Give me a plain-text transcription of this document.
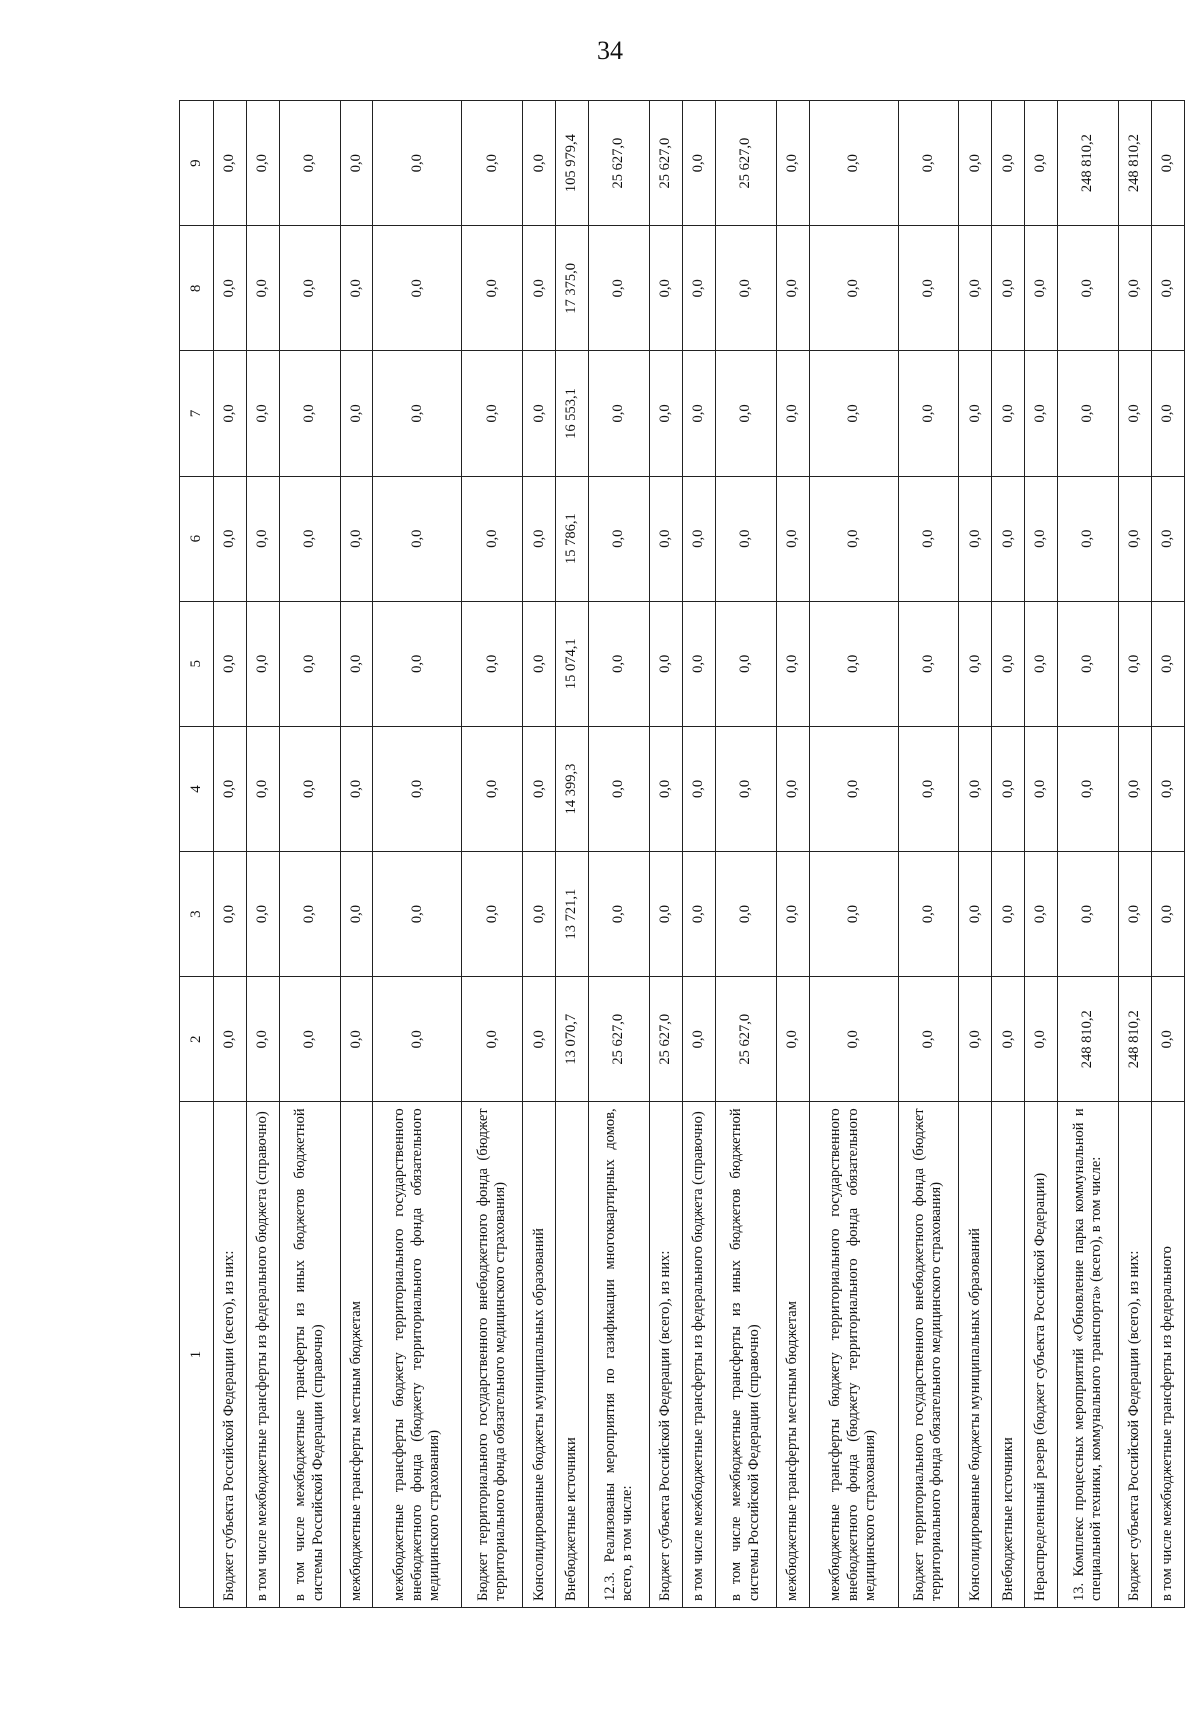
34
1	2	3	4	5	6	7	8	9
Бюджет субъекта Российской Федерации (всего), из них:	0,0	0,0	0,0	0,0	0,0	0,0	0,0	0,0
в том числе межбюджетные трансферты из федерального бюджета (справочно)	0,0	0,0	0,0	0,0	0,0	0,0	0,0	0,0
в том числе межбюджетные трансферты из иных бюджетов бюджетной системы Российской Федерации (справочно)	0,0	0,0	0,0	0,0	0,0	0,0	0,0	0,0
межбюджетные трансферты местным бюджетам	0,0	0,0	0,0	0,0	0,0	0,0	0,0	0,0
межбюджетные трансферты бюджету территориального государственного внебюджетного фонда (бюджету территориального фонда обязательного медицинского страхования)	0,0	0,0	0,0	0,0	0,0	0,0	0,0	0,0
Бюджет территориального государственного внебюджетного фонда (бюджет территориального фонда обязательного медицинского страхования)	0,0	0,0	0,0	0,0	0,0	0,0	0,0	0,0
Консолидированные бюджеты муниципальных образований	0,0	0,0	0,0	0,0	0,0	0,0	0,0	0,0
Внебюджетные источники	13 070,7	13 721,1	14 399,3	15 074,1	15 786,1	16 553,1	17 375,0	105 979,4
12.3. Реализованы мероприятия по газификации многоквартирных домов, всего, в том числе:	25 627,0	0,0	0,0	0,0	0,0	0,0	0,0	25 627,0
Бюджет субъекта Российской Федерации (всего), из них:	25 627,0	0,0	0,0	0,0	0,0	0,0	0,0	25 627,0
в том числе межбюджетные трансферты из федерального бюджета (справочно)	0,0	0,0	0,0	0,0	0,0	0,0	0,0	0,0
в том числе межбюджетные трансферты из иных бюджетов бюджетной системы Российской Федерации (справочно)	25 627,0	0,0	0,0	0,0	0,0	0,0	0,0	25 627,0
межбюджетные трансферты местным бюджетам	0,0	0,0	0,0	0,0	0,0	0,0	0,0	0,0
межбюджетные трансферты бюджету территориального государственного внебюджетного фонда (бюджету территориального фонда обязательного медицинского страхования)	0,0	0,0	0,0	0,0	0,0	0,0	0,0	0,0
Бюджет территориального государственного внебюджетного фонда (бюджет территориального фонда обязательного медицинского страхования)	0,0	0,0	0,0	0,0	0,0	0,0	0,0	0,0
Консолидированные бюджеты муниципальных образований	0,0	0,0	0,0	0,0	0,0	0,0	0,0	0,0
Внебюджетные источники	0,0	0,0	0,0	0,0	0,0	0,0	0,0	0,0
Нераспределенный резерв (бюджет субъекта Российской Федерации)	0,0	0,0	0,0	0,0	0,0	0,0	0,0	0,0
13. Комплекс процессных мероприятий «Обновление парка коммунальной и специальной техники, коммунального транспорта» (всего), в том числе:	248 810,2	0,0	0,0	0,0	0,0	0,0	0,0	248 810,2
Бюджет субъекта Российской Федерации (всего), из них:	248 810,2	0,0	0,0	0,0	0,0	0,0	0,0	248 810,2
в том числе межбюджетные трансферты из федерального	0,0	0,0	0,0	0,0	0,0	0,0	0,0	0,0
